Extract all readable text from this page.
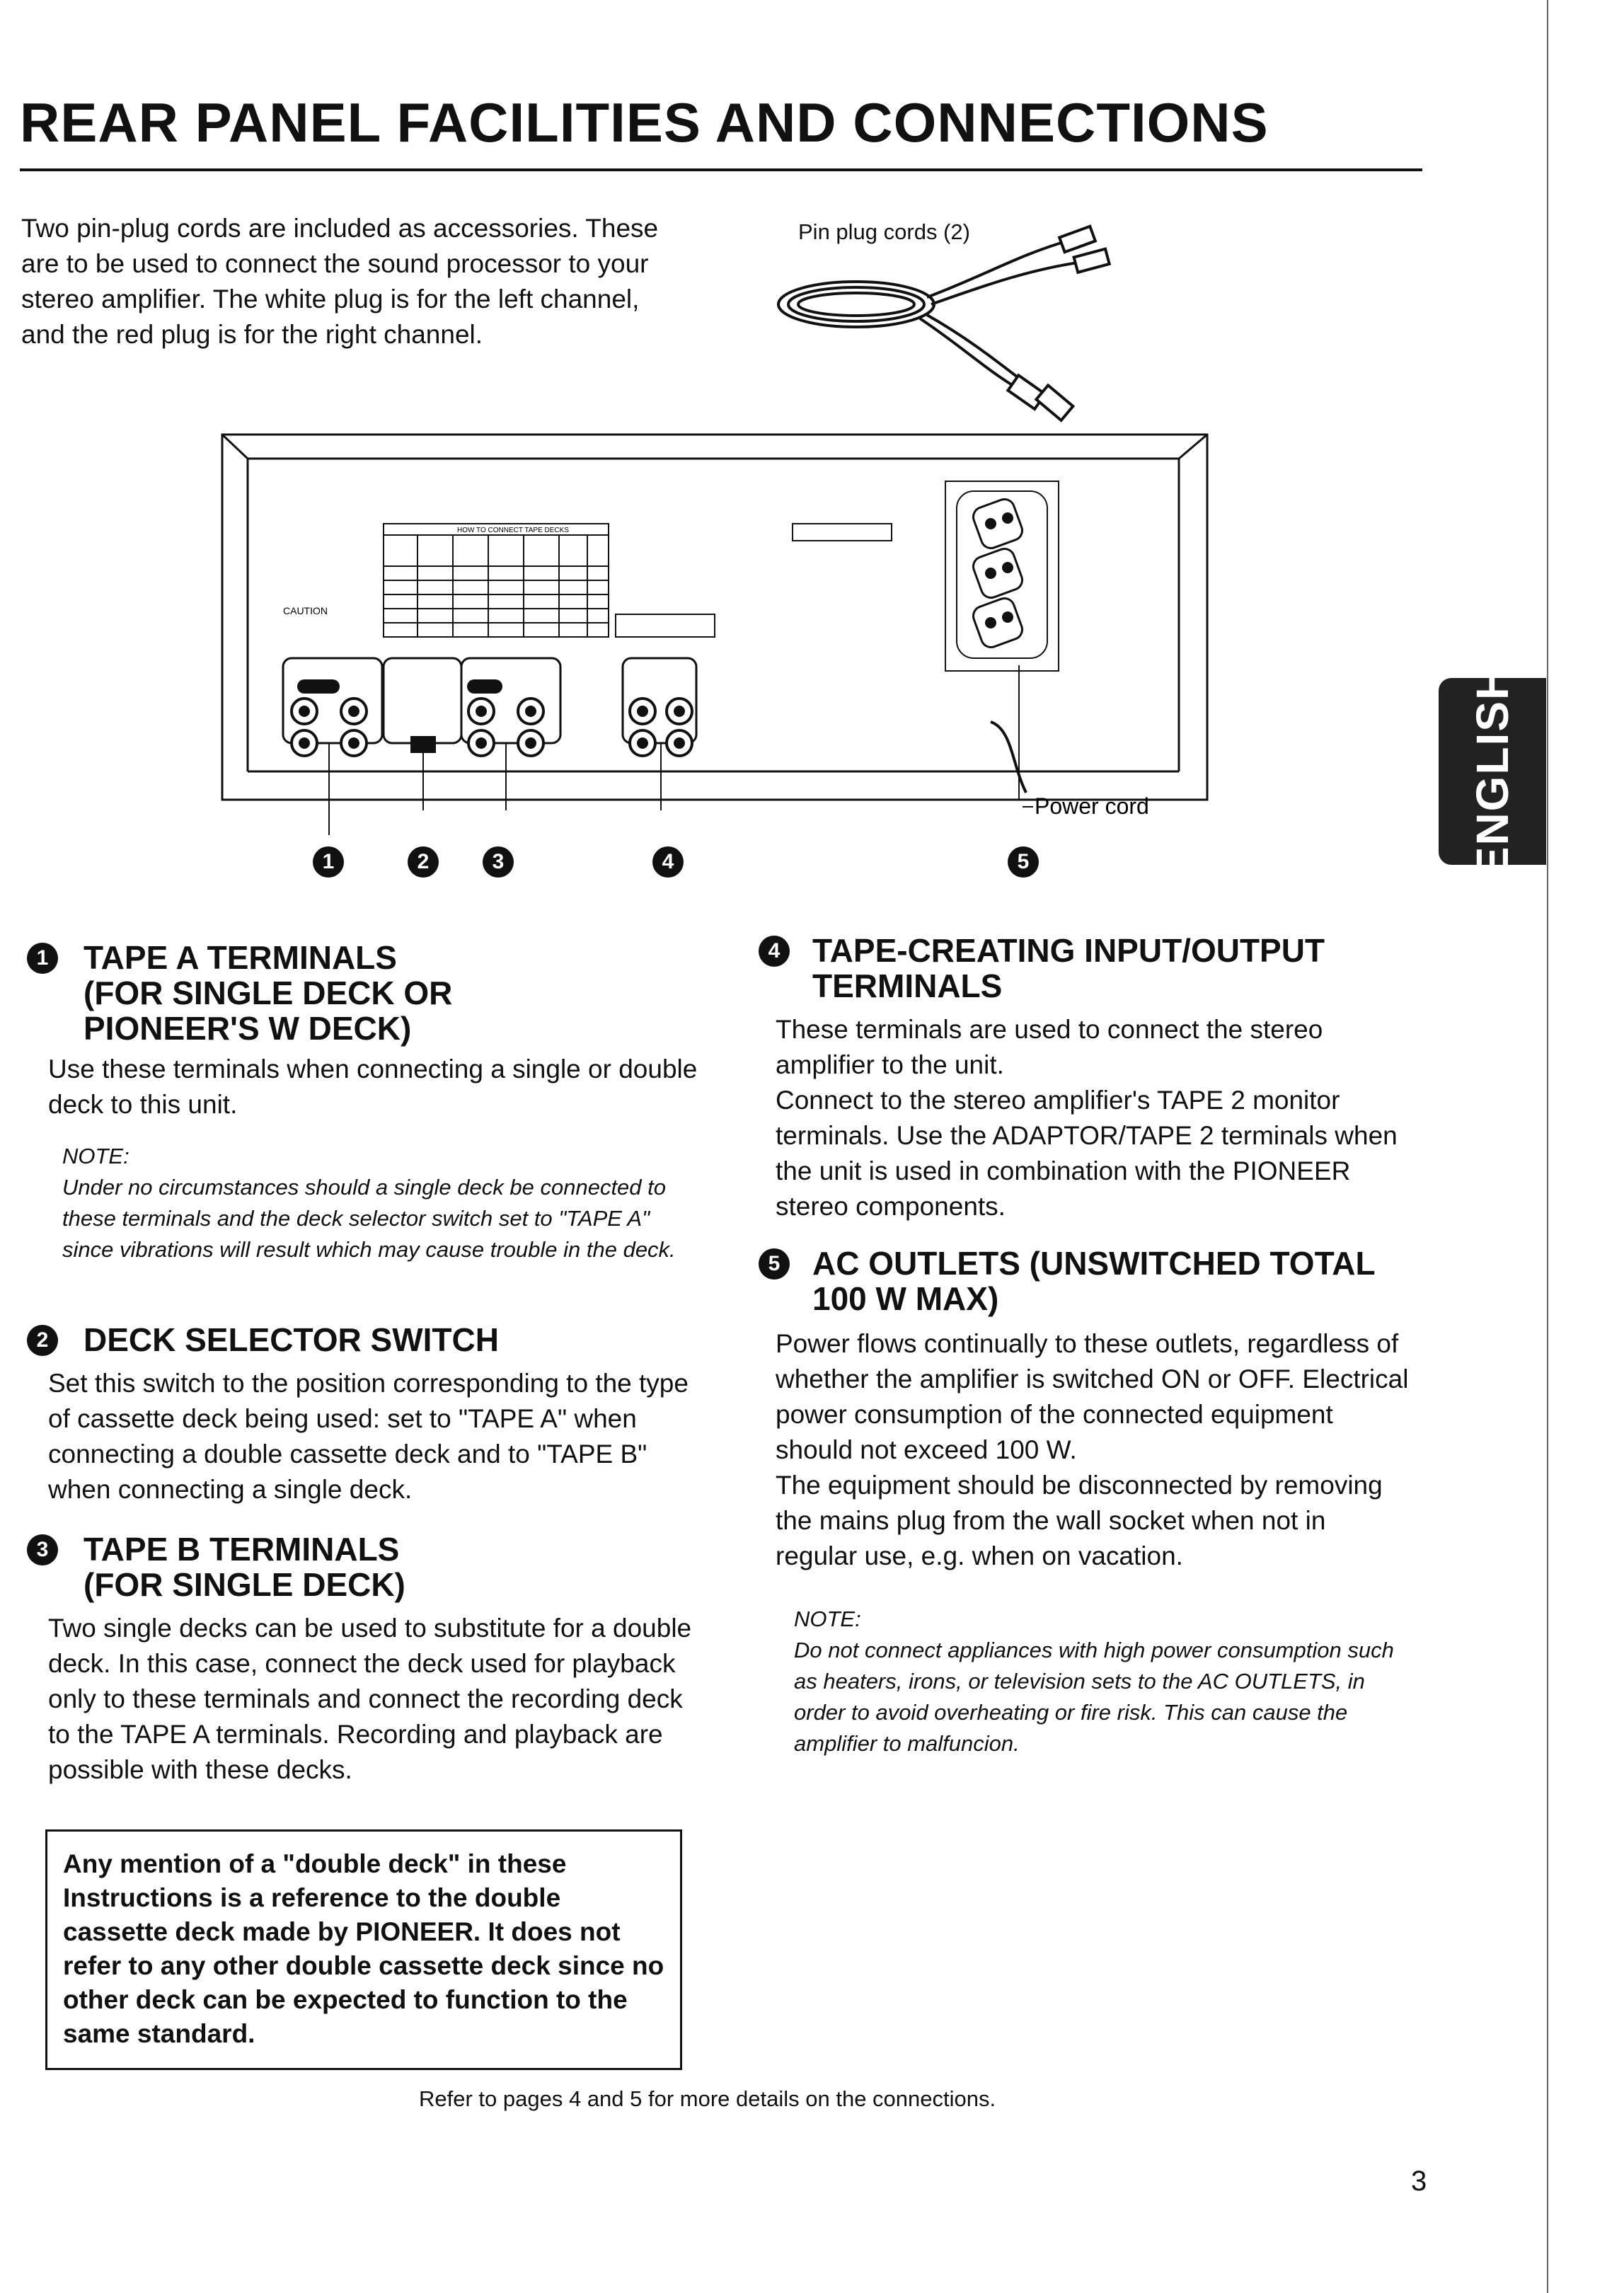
REAR PANEL FACILITIES AND CONNECTIONS

Two pin-plug cords are included as accessories. These are to be used to connect the sound processor to your stereo amplifier. The white plug is for the left channel, and the red plug is for the right channel.

Pin plug cords (2)
HOW TO CONNECT TAPE DECKS
CAUTION
Power cord
1	2	3	4	5	ENGLISH
1	TAPE A TERMINALS

(FOR SINGLE DECK OR

PIONEER'S W DECK)

Use these terminals when connecting a single or double deck to this unit.

NOTE:

Under no circumstances should a single deck be connected to these terminals and the deck selector switch set to "TAPE A" since vibrations will result which may cause trouble in the deck.

2	DECK SELECTOR SWITCH

Set this switch to the position corresponding to the type of cassette deck being used: set to "TAPE A" when connecting a double cassette deck and to "TAPE B" when connecting a single deck.

3	TAPE B TERMINALS

(FOR SINGLE DECK)

Two single decks can be used to substitute for a double deck. In this case, connect the deck used for playback only to these terminals and connect the recording deck to the TAPE A terminals. Recording and playback are possible with these decks.

Any mention of a "double deck" in these Instructions is a reference to the double cassette deck made by PIONEER. It does not refer to any other double cassette deck since no other deck can be expected to function to the same standard.

4 TAPE-CREATING INPUT/OUTPUT

TERMINALS

These terminals are used to connect the stereo amplifier to the unit.

Connect to the stereo amplifier's TAPE 2 monitor terminals. Use the ADAPTOR/TAPE 2 terminals when the unit is used in combination with the PIONEER stereo components.

5 AC OUTLETS (UNSWITCHED TOTAL

100 W MAX)

Power flows continually to these outlets, regardless of whether the amplifier is switched ON or OFF. Electrical power consumption of the connected equipment should not exceed 100 W.

The equipment should be disconnected by removing the mains plug from the wall socket when not in regular use, e.g. when on vacation.

NOTE:

Do not connect appliances with high power consumption such as heaters, irons, or television sets to the AC OUTLETS, in order to avoid overheating or fire risk. This can cause the amplifier to malfuncion.

Refer to pages 4 and 5 for more details on the connections.
3
